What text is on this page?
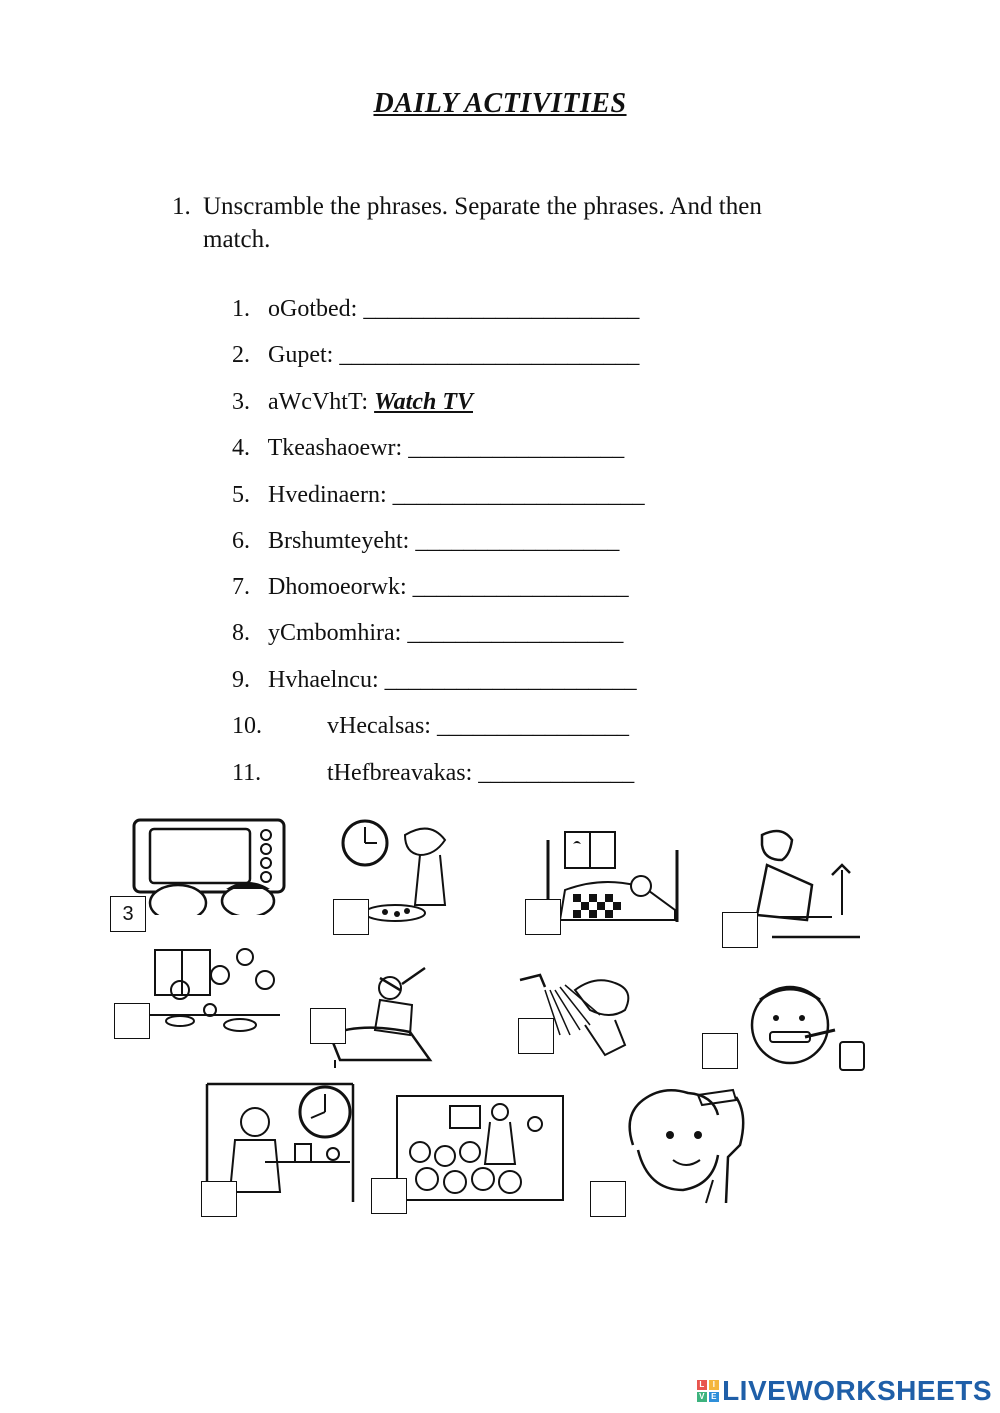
DAILY ACTIVITIES
1. Unscramble the phrases. Separate the phrases. And then match.
1. oGotbed: _______________________
2. Gupet: _________________________
3. aWcVhtT: Watch TV
4. Tkeashaoewr: __________________
5. Hvedinaern: _____________________
6. Brshumteyeht: _________________
7. Dhomoeorwk: __________________
8. yCmbomhira: __________________
9. Hvhaelncu: _____________________
10.	vHecalsas: ________________
11.	tHefbreavakas: _____________
3
L I
V E LIVEWORKSHEETS
